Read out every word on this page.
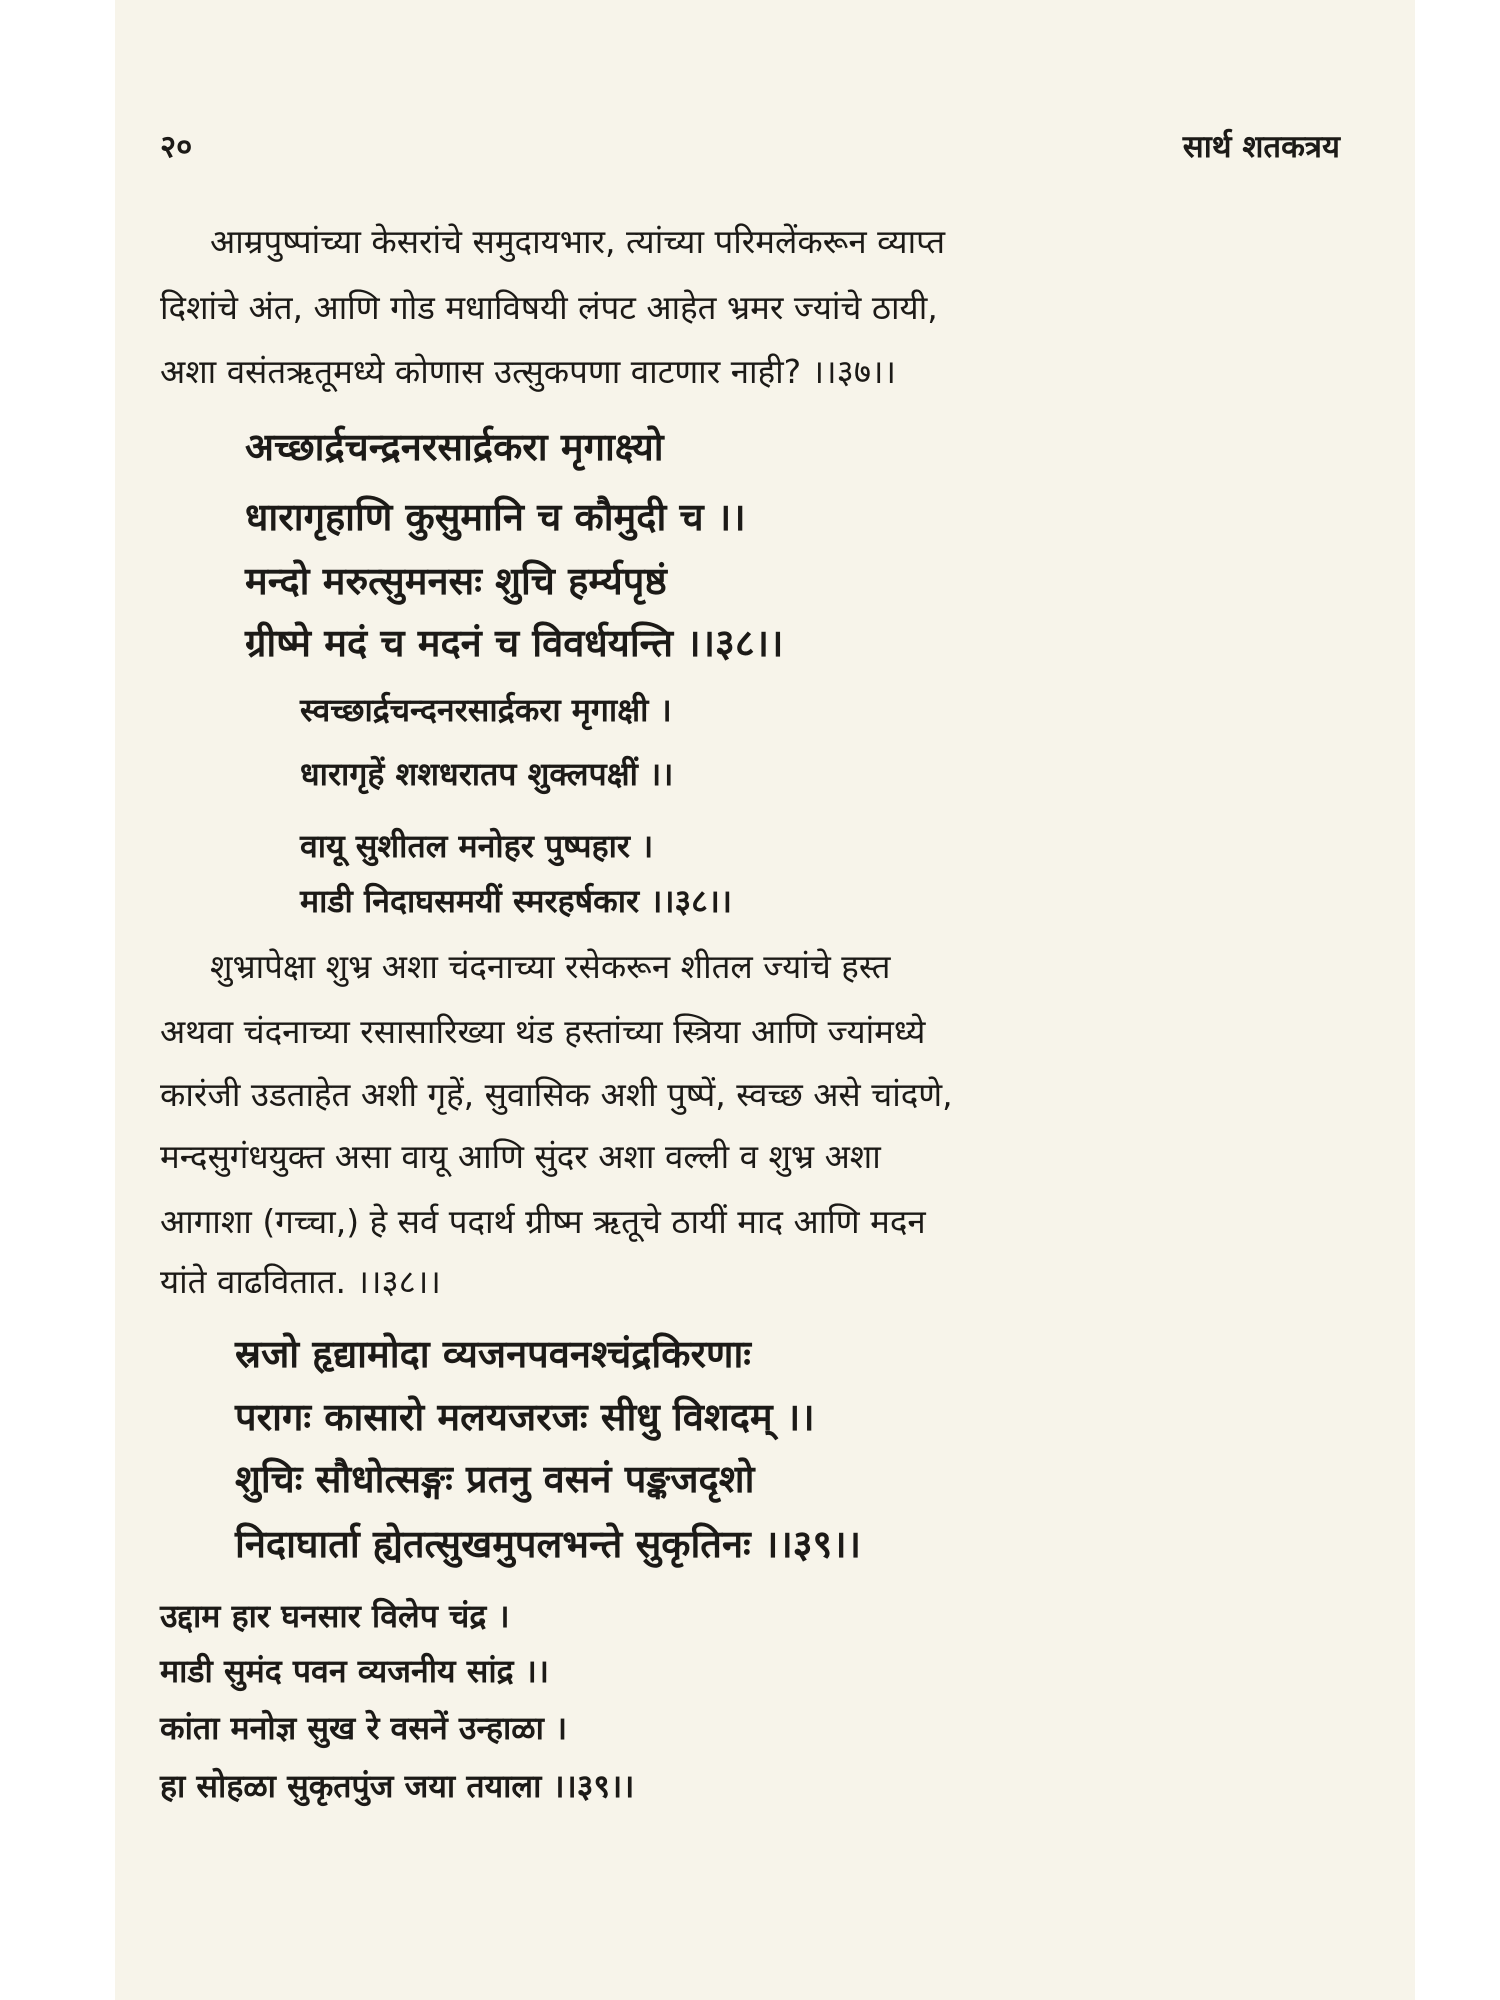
२०	सार्थ शतकत्रय
आम्रपुष्पांच्या केसरांचे समुदायभार, त्यांच्या परिमलेंकरून व्याप्त
दिशांचे अंत, आणि गोड मधाविषयी लंपट आहेत भ्रमर ज्यांचे ठायी,
अशा वसंतऋतूमध्ये कोणास उत्सुकपणा वाटणार नाही? ।।३७।।
अच्छार्द्रचन्द्रनरसार्द्रकरा मृगाक्ष्यो
धारागृहाणि कुसुमानि च कौमुदी च ।।
मन्दो मरुत्सुमनसः शुचि हर्म्यपृष्ठं
ग्रीष्मे मदं च मदनं च विवर्धयन्ति ।।३८।।
स्वच्छार्द्रचन्दनरसार्द्रकरा मृगाक्षी ।
धारागृहें शशधरातप शुक्लपक्षीं ।।
वायू सुशीतल मनोहर पुष्पहार ।
माडी निदाघसमयीं स्मरहर्षकार ।।३८।।
शुभ्रापेक्षा शुभ्र अशा चंदनाच्या रसेकरून शीतल ज्यांचे हस्त
अथवा चंदनाच्या रसासारिख्या थंड हस्तांच्या स्त्रिया आणि ज्यांमध्ये
कारंजी उडताहेत अशी गृहें, सुवासिक अशी पुष्पें, स्वच्छ असे चांदणे,
मन्दसुगंधयुक्त असा वायू आणि सुंदर अशा वल्ली व शुभ्र अशा
आगाशा (गच्चा,) हे सर्व पदार्थ ग्रीष्म ऋतूचे ठायीं माद आणि मदन
यांते वाढवितात. ।।३८।।
स्रजो हृद्यामोदा व्यजनपवनश्चंद्रकिरणाः
परागः कासारो मलयजरजः सीधु विशदम् ।।
शुचिः सौधोत्सङ्गः प्रतनु वसनं पङ्कजदृशो
निदाघार्ता ह्येतत्सुखमुपलभन्ते सुकृतिनः ।।३९।।
उद्दाम हार घनसार विलेप चंद्र ।
माडी सुमंद पवन व्यजनीय सांद्र ।।
कांता मनोज्ञ सुख रे वसनें उन्हाळा ।
हा सोहळा सुकृतपुंज जया तयाला ।।३९।।
